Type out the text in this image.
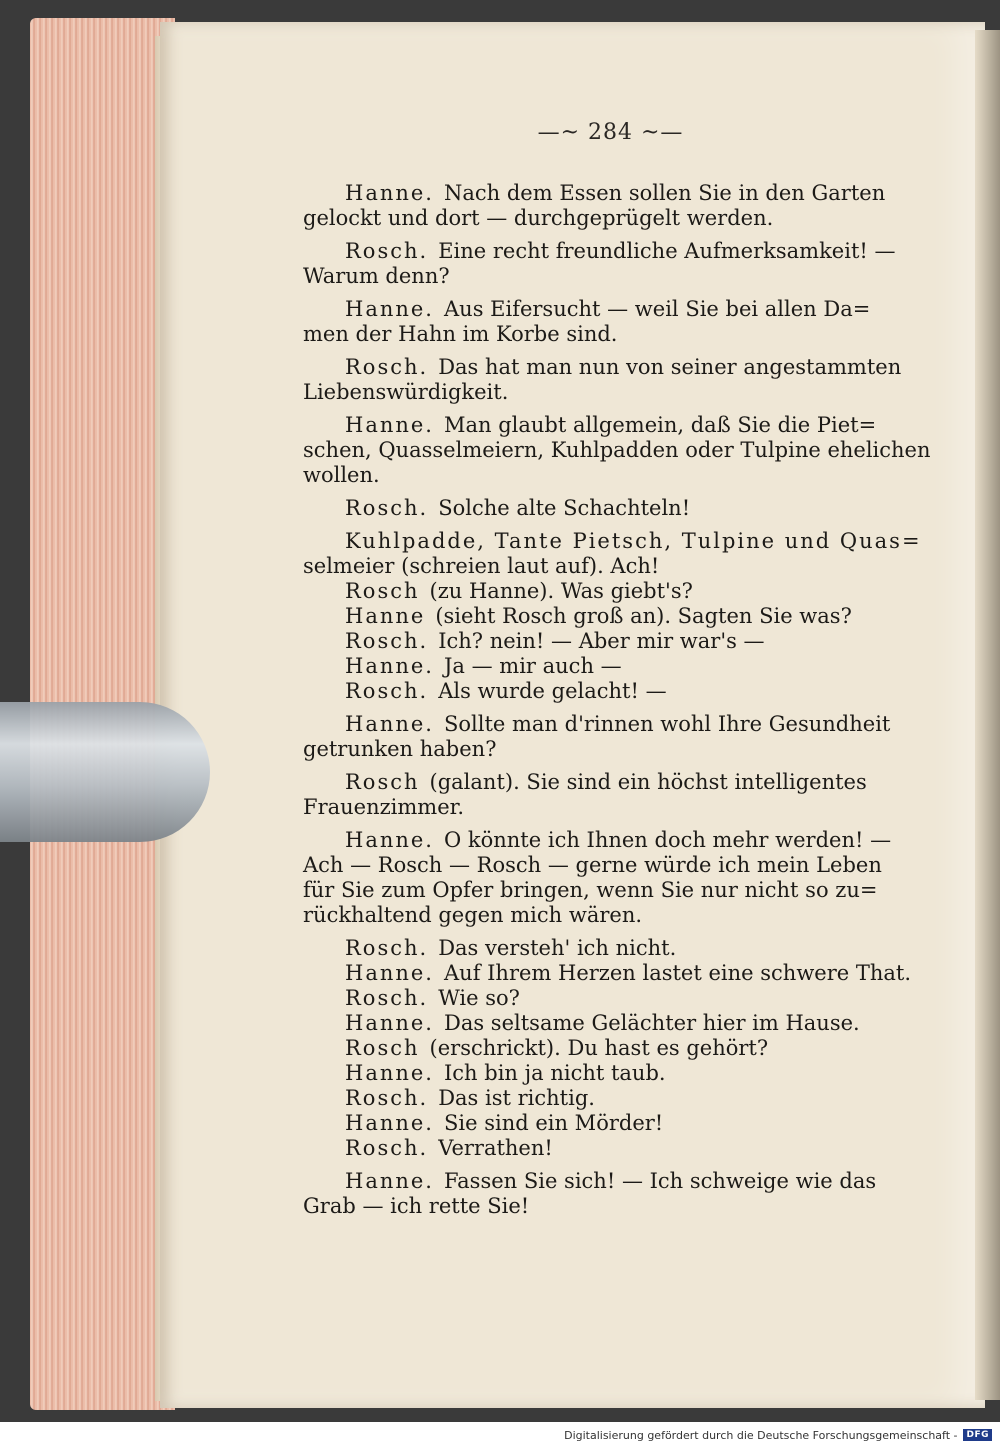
—~ 284 ~—
Hanne. Nach dem Essen sollen Sie in den Garten
gelockt und dort — durchgeprügelt werden.
Rosch. Eine recht freundliche Aufmerksamkeit! —
Warum denn?
Hanne. Aus Eifersucht — weil Sie bei allen Da=
men der Hahn im Korbe sind.
Rosch. Das hat man nun von seiner angestammten
Liebenswürdigkeit.
Hanne. Man glaubt allgemein, daß Sie die Piet=
schen, Quasselmeiern, Kuhlpadden oder Tulpine ehelichen
wollen.
Rosch. Solche alte Schachteln!
Kuhlpadde, Tante Pietsch, Tulpine und Quas=
selmeier (schreien laut auf). Ach!
Rosch (zu Hanne). Was giebt's?
Hanne (sieht Rosch groß an). Sagten Sie was?
Rosch. Ich? nein! — Aber mir war's —
Hanne. Ja — mir auch —
Rosch. Als wurde gelacht! —
Hanne. Sollte man d'rinnen wohl Ihre Gesundheit
getrunken haben?
Rosch (galant). Sie sind ein höchst intelligentes
Frauenzimmer.
Hanne. O könnte ich Ihnen doch mehr werden! —
Ach — Rosch — Rosch — gerne würde ich mein Leben
für Sie zum Opfer bringen, wenn Sie nur nicht so zu=
rückhaltend gegen mich wären.
Rosch. Das versteh' ich nicht.
Hanne. Auf Ihrem Herzen lastet eine schwere That.
Rosch. Wie so?
Hanne. Das seltsame Gelächter hier im Hause.
Rosch (erschrickt). Du hast es gehört?
Hanne. Ich bin ja nicht taub.
Rosch. Das ist richtig.
Hanne. Sie sind ein Mörder!
Rosch. Verrathen!
Hanne. Fassen Sie sich! — Ich schweige wie das
Grab — ich rette Sie!
Digitalisierung gefördert durch die Deutsche Forschungsgemeinschaft -	DFG
